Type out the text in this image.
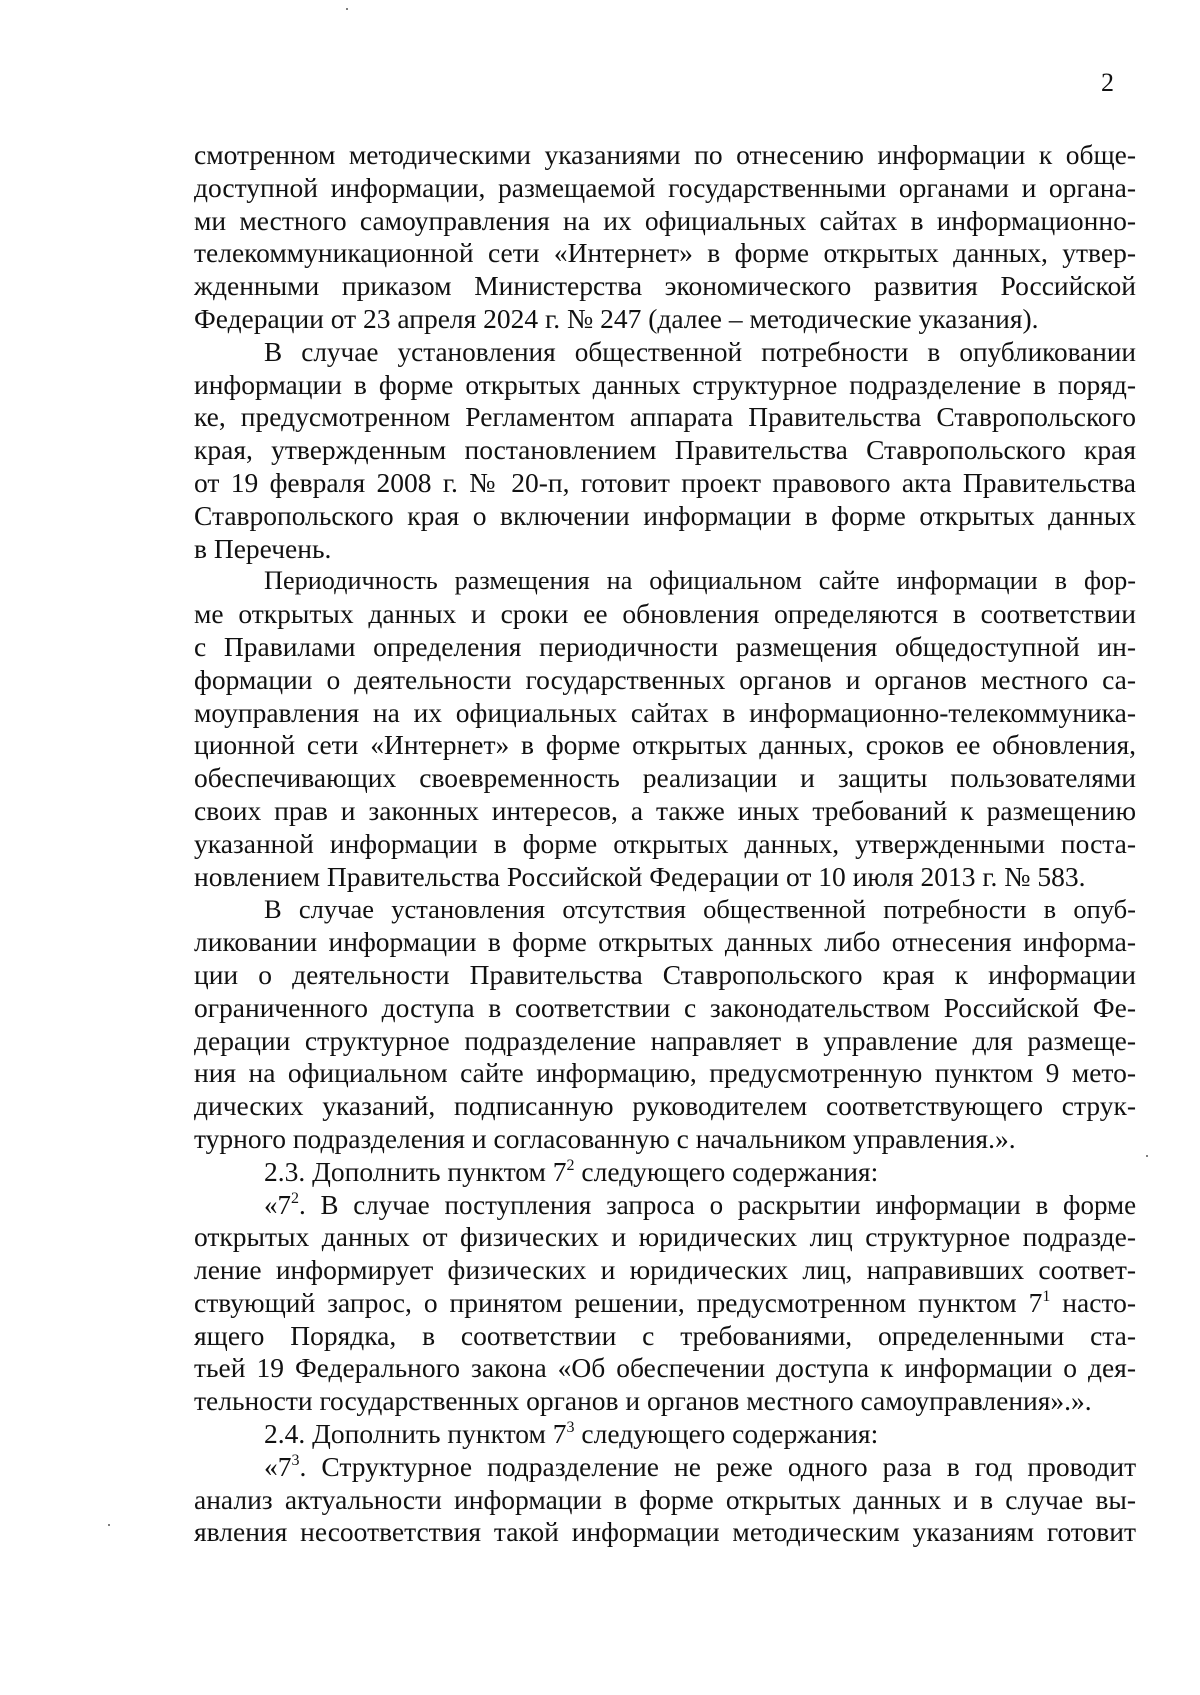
2

смотренном методическими указаниями по отнесению информации к обще-
доступной информации, размещаемой государственными органами и органа-
ми местного самоуправления на их официальных сайтах в информационно-
телекоммуникационной сети «Интернет» в форме открытых данных, утвер-
жденными приказом Министерства экономического развития Российской
Федерации от 23 апреля 2024 г. № 247 (далее – методические указания).

В случае установления общественной потребности в опубликовании
информации в форме открытых данных структурное подразделение в поряд-
ке, предусмотренном Регламентом аппарата Правительства Ставропольского
края, утвержденным постановлением Правительства Ставропольского края
от 19 февраля 2008 г. № 20-п, готовит проект правового акта Правительства
Ставропольского края о включении информации в форме открытых данных
в Перечень.

Периодичность размещения на официальном сайте информации в фор-
ме открытых данных и сроки ее обновления определяются в соответствии
с Правилами определения периодичности размещения общедоступной ин-
формации о деятельности государственных органов и органов местного са-
моуправления на их официальных сайтах в информационно-телекоммуника-
ционной сети «Интернет» в форме открытых данных, сроков ее обновления,
обеспечивающих своевременность реализации и защиты пользователями
своих прав и законных интересов, а также иных требований к размещению
указанной информации в форме открытых данных, утвержденными поста-
новлением Правительства Российской Федерации от 10 июля 2013 г. № 583.

В случае установления отсутствия общественной потребности в опуб-
ликовании информации в форме открытых данных либо отнесения информа-
ции о деятельности Правительства Ставропольского края к информации
ограниченного доступа в соответствии с законодательством Российской Фе-
дерации структурное подразделение направляет в управление для размеще-
ния на официальном сайте информацию, предусмотренную пунктом 9 мето-
дических указаний, подписанную руководителем соответствующего струк-
турного подразделения и согласованную с начальником управления.».

2.3. Дополнить пунктом $7^2$ следующего содержания:

«$7^2$. В случае поступления запроса о раскрытии информации в форме
открытых данных от физических и юридических лиц структурное подразде-
ление информирует физических и юридических лиц, направивших соответ-
ствующий запрос, о принятом решении, предусмотренном пунктом $7^1$ насто-
ящего Порядка, в соответствии с требованиями, определенными ста-
тьей 19 Федерального закона «Об обеспечении доступа к информации о дея-
тельности государственных органов и органов местного самоуправления».».

2.4. Дополнить пунктом $7^3$ следующего содержания:

«$7^3$. Структурное подразделение не реже одного раза в год проводит
анализ актуальности информации в форме открытых данных и в случае вы-
явления несоответствия такой информации методическим указаниям готовит
